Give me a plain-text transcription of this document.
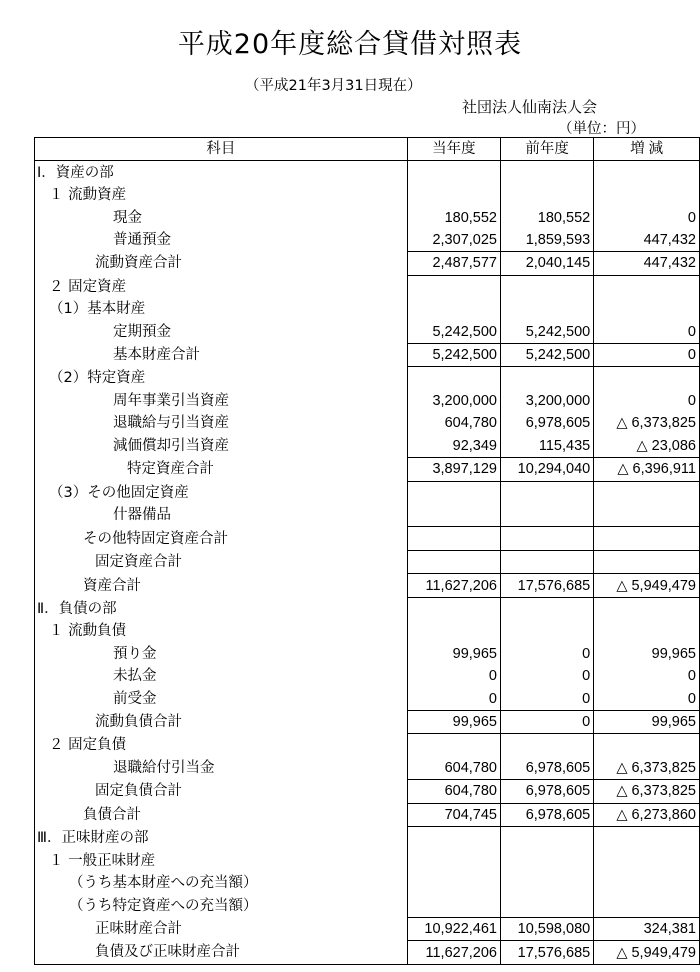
平成20年度総合貸借対照表
（平成21年3月31日現在）
社団法人仙南法人会
（単位：円）
科目	当年度	前年度	増 減
Ⅰ．資産の部			
１ 流動資産			
現金	180,552	180,552	0
普通預金	2,307,025	1,859,593	447,432
流動資産合計	2,487,577	2,040,145	447,432
２ 固定資産			
（1）基本財産			
定期預金	5,242,500	5,242,500	0
基本財産合計	5,242,500	5,242,500	0
（2）特定資産			
周年事業引当資産	3,200,000	3,200,000	0
退職給与引当資産	604,780	6,978,605	△ 6,373,825
減価償却引当資産	92,349	115,435	△ 23,086
特定資産合計	3,897,129	10,294,040	△ 6,396,911
（3）その他固定資産			
什器備品			
その他特固定資産合計			
固定資産合計			
資産合計	11,627,206	17,576,685	△ 5,949,479
Ⅱ．負債の部			
１ 流動負債			
預り金	99,965	0	99,965
未払金	0	0	0
前受金	0	0	0
流動負債合計	99,965	0	99,965
２ 固定負債			
退職給付引当金	604,780	6,978,605	△ 6,373,825
固定負債合計	604,780	6,978,605	△ 6,373,825
負債合計	704,745	6,978,605	△ 6,273,860
Ⅲ．正味財産の部			
１ 一般正味財産			
（うち基本財産への充当額）			
（うち特定資産への充当額）			
正味財産合計	10,922,461	10,598,080	324,381
負債及び正味財産合計	11,627,206	17,576,685	△ 5,949,479
